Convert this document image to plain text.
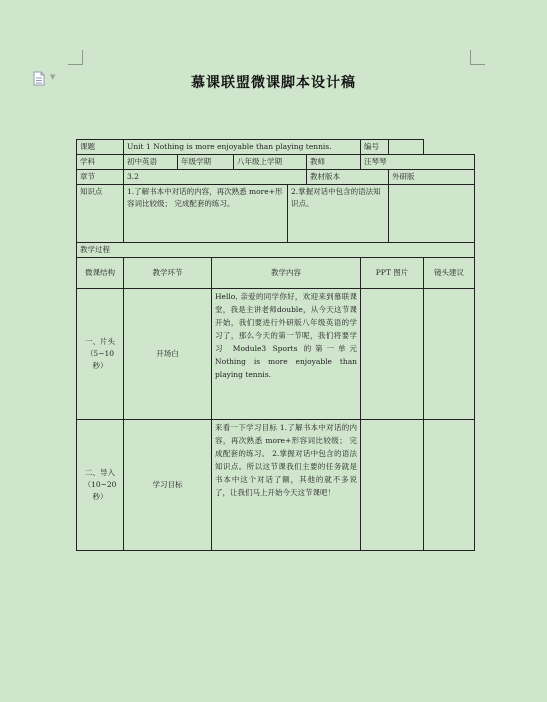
▼	慕课联盟微课脚本设计稿
课题	Unit 1 Nothing is more enjoyable than playing tennis.						编号		
学科	初中英语	年级学期		八年级上学期		教师	汪琴琴		
章节	3.2					教材版本		外研版	
知识点	1.了解书本中对话的内容，再次熟悉 more+形容词比较级； 完成配套的练习。				2.掌握对话中包含的语法知识点。				
教学过程									
微课结构	教学环节		教学内容				PPT 图片		镜头建议
一、片头（5~10 秒）	开场白		Hello, 亲爱的同学你好，欢迎来到慕联课堂，我是主讲老师double，从今天这节课开始，我们要进行外研版八年级英语的学习了，那么今天的第一节呢，我们将要学习 Module3 Sports 的第一单元 Nothing is more enjoyable than playing tennis.						
二、导入（10~20 秒）	学习目标		来看一下学习目标 1.了解书本中对话的内容，再次熟悉 more+形容词比较级； 完成配套的练习。 2.掌握对话中包含的语法知识点。所以这节课我们主要的任务就是书本中这个对话了额，其他的就不多说了，让我们马上开始今天这节课吧！						
